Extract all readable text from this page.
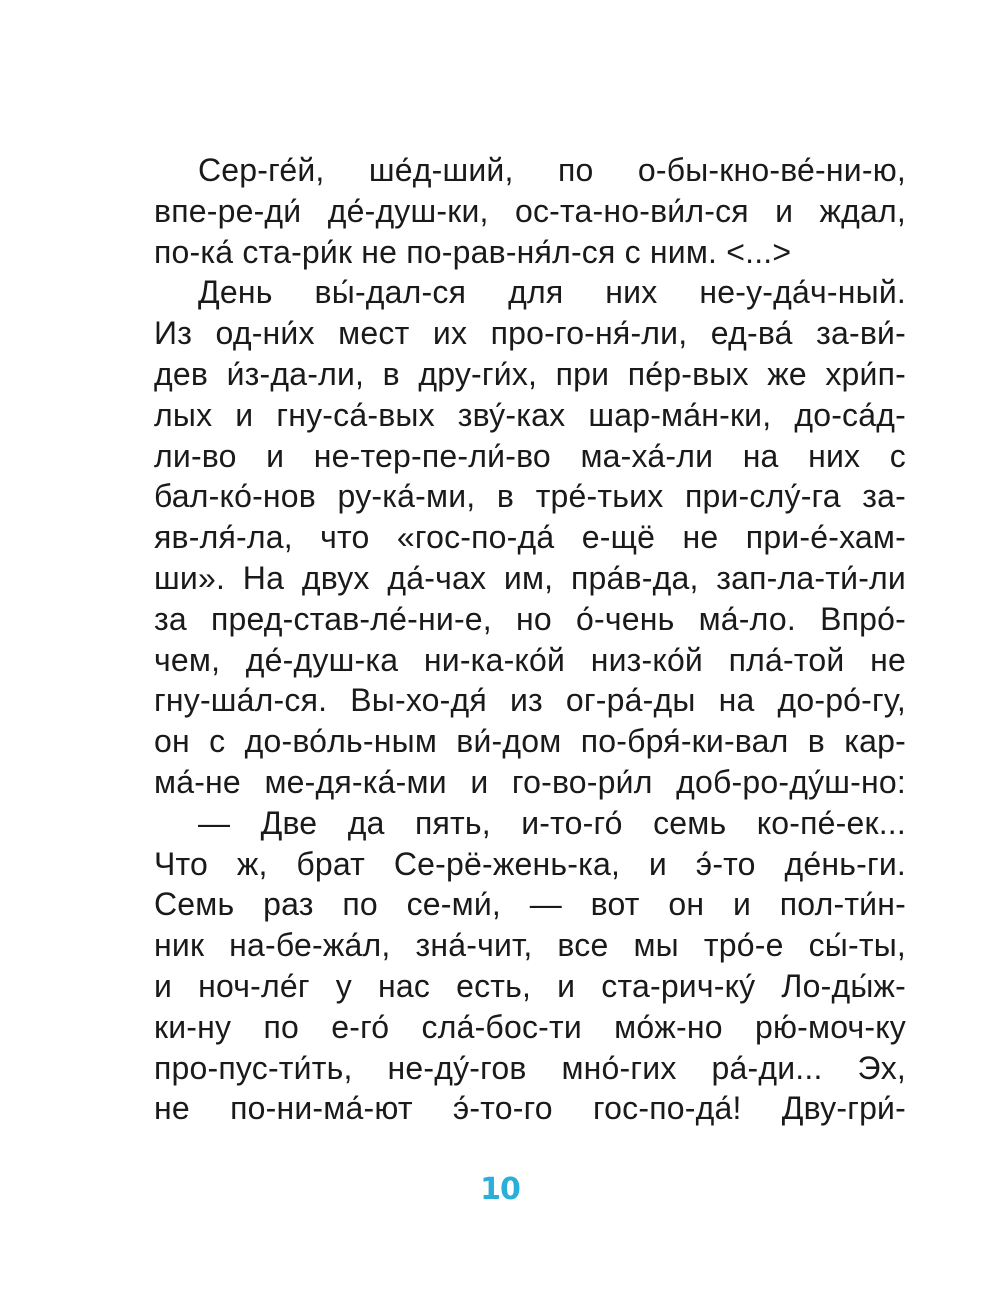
Сер-ге́й, ше́д-ший, по о-бы-кно-ве́-ни-ю,
впе-ре-ди́ де́-душ-ки, ос-та-но-ви́л-ся и ждал,
по-ка́ ста-ри́к не по-рав-ня́л-ся с ним. <...>
День вы́-дал-ся для них не-у-да́ч-ный.
Из од-ни́х мест их про-го-ня́-ли, ед-ва́ за-ви́-
дев и́з-да-ли, в дру-ги́х, при пе́р-вых же хри́п-
лых и гну-са́-вых зву́-ках шар-ма́н-ки, до-са́д-
ли-во и не-тер-пе-ли́-во ма-ха́-ли на них с
бал-ко́-нов ру-ка́-ми, в тре́-тьих при-слу́-га за-
яв-ля́-ла, что «гос-по-да́ е-щё не при-е́-хам-
ши». На двух да́-чах им, пра́в-да, зап-ла-ти́-ли
за пред-став-ле́-ни-е, но о́-чень ма́-ло. Впро́-
чем, де́-душ-ка ни-ка-ко́й низ-ко́й пла́-той не
гну-ша́л-ся. Вы-хо-дя́ из ог-ра́-ды на до-ро́-гу,
он с до-во́ль-ным ви́-дом по-бря́-ки-вал в кар-
ма́-не ме-дя-ка́-ми и го-во-ри́л доб-ро-ду́ш-но:
— Две да пять, и-то-го́ семь ко-пе́-ек...
Что ж, брат Се-рё-жень-ка, и э́-то де́нь-ги.
Семь раз по се-ми́, — вот он и пол-ти́н-
ник на-бе-жа́л, зна́-чит, все мы тро́-е сы́-ты,
и ноч-ле́г у нас есть, и ста-рич-ку́ Ло-ды́ж-
ки-ну по е-го́ сла́-бос-ти мо́ж-но рю́-моч-ку
про-пус-ти́ть, не-ду́-гов мно́-гих ра́-ди... Эх,
не по-ни-ма́-ют э́-то-го гос-по-да́! Дву-гри́-
10
